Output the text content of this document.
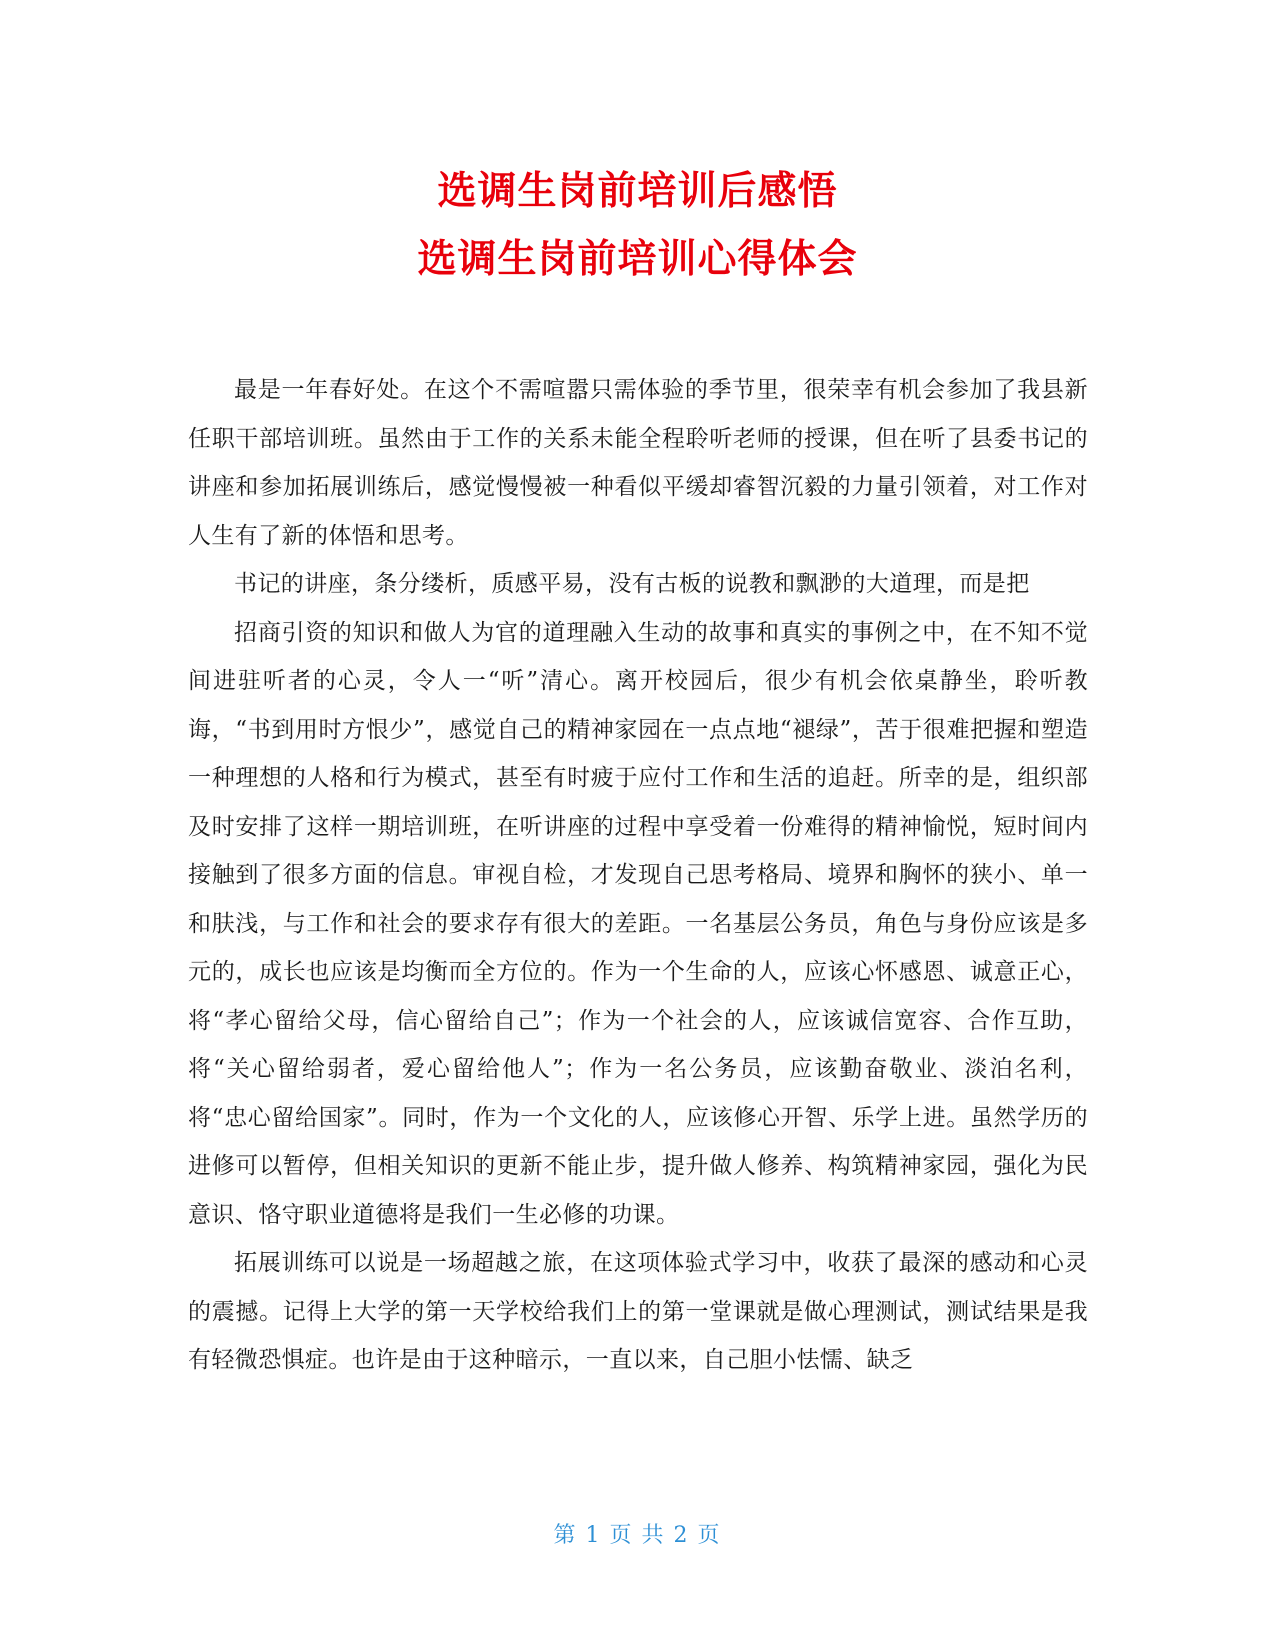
选调生岗前培训后感悟
选调生岗前培训心得体会

最是一年春好处。在这个不需喧嚣只需体验的季节里，很荣幸有机会参加了我县新任职干部培训班。虽然由于工作的关系未能全程聆听老师的授课，但在听了县委书记的讲座和参加拓展训练后，感觉慢慢被一种看似平缓却睿智沉毅的力量引领着，对工作对人生有了新的体悟和思考。

书记的讲座，条分缕析，质感平易，没有古板的说教和飘渺的大道理，而是把

招商引资的知识和做人为官的道理融入生动的故事和真实的事例之中，在不知不觉间进驻听者的心灵，令人一“听”清心。离开校园后，很少有机会依桌静坐，聆听教诲，“书到用时方恨少”，感觉自己的精神家园在一点点地“褪绿”，苦于很难把握和塑造一种理想的人格和行为模式，甚至有时疲于应付工作和生活的追赶。所幸的是，组织部及时安排了这样一期培训班，在听讲座的过程中享受着一份难得的精神愉悦，短时间内接触到了很多方面的信息。审视自检，才发现自己思考格局、境界和胸怀的狭小、单一和肤浅，与工作和社会的要求存有很大的差距。一名基层公务员，角色与身份应该是多元的，成长也应该是均衡而全方位的。作为一个生命的人，应该心怀感恩、诚意正心，将“孝心留给父母，信心留给自己”；作为一个社会的人，应该诚信宽容、合作互助，将“关心留给弱者，爱心留给他人”；作为一名公务员，应该勤奋敬业、淡泊名利，将“忠心留给国家”。同时，作为一个文化的人，应该修心开智、乐学上进。虽然学历的进修可以暂停，但相关知识的更新不能止步，提升做人修养、构筑精神家园，强化为民意识、恪守职业道德将是我们一生必修的功课。

拓展训练可以说是一场超越之旅，在这项体验式学习中，收获了最深的感动和心灵的震撼。记得上大学的第一天学校给我们上的第一堂课就是做心理测试，测试结果是我有轻微恐惧症。也许是由于这种暗示，一直以来，自己胆小怯懦、缺乏

第 1 页 共 2 页
